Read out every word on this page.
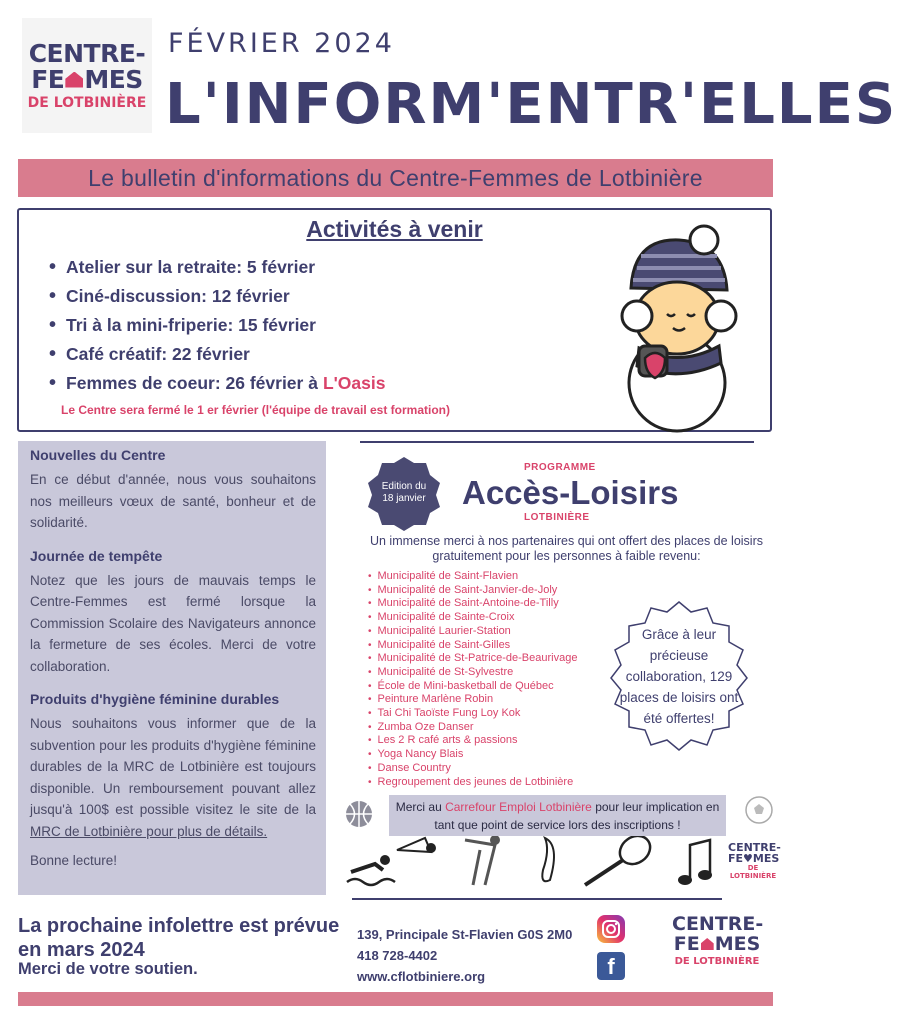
CENTRE-
FE MES
DE LOTBINIÈRE
FÉVRIER 2024
L'INFORM'ENTR'ELLES
Le bulletin d'informations du Centre-Femmes de Lotbinière
Activités à venir
• Atelier sur la retraite: 5 février
• Ciné-discussion: 12 février
• Tri à la mini-friperie: 15 février
• Café créatif: 22 février
• Femmes de coeur: 26 février à L'Oasis
Le Centre sera fermé le 1 er février (l'équipe de travail est formation)
Nouvelles du Centre

En ce début d'année, nous vous souhaitons nos meilleurs vœux de santé, bonheur et de solidarité.

Journée de tempête

Notez que les jours de mauvais temps le Centre-Femmes est fermé lorsque la Commission Scolaire des Navigateurs annonce la fermeture de ses écoles. Merci de votre collaboration.

Produits d'hygiène féminine durables

Nous souhaitons vous informer que de la subvention pour les produits d'hygiène féminine durables de la MRC de Lotbinière est toujours disponible. Un remboursement pouvant allez jusqu'à 100$ est possible visitez le site de la MRC de Lotbinière pour plus de détails.

Bonne lecture!

Edition du
18 janvier
PROGRAMME
Accès-Loisirs
LOTBINIÈRE
Un immense merci à nos partenaires qui ont offert des places de loisirs gratuitement pour les personnes à faible revenu:
• Municipalité de Saint-Flavien
• Municipalité de Saint-Janvier-de-Joly
• Municipalité de Saint-Antoine-de-Tilly
• Municipalité de Sainte-Croix
• Municipalité Laurier-Station
• Municipalité de Saint-Gilles
• Municipalité de St-Patrice-de-Beaurivage
• Municipalité de St-Sylvestre
• École de Mini-basketball de Québec
• Peinture Marlène Robin
• Tai Chi Taoïste Fung Loy Kok
• Zumba Oze Danser
• Les 2 R café arts & passions
• Yoga Nancy Blais
• Danse Country
• Regroupement des jeunes de Lotbinière
Grâce à leur précieuse collaboration, 129 places de loisirs ont été offertes!
Merci au Carrefour Emploi Lotbinière pour leur implication en tant que point de service lors des inscriptions !
CENTRE-
FE♥MES
DE LOTBINIÈRE
La prochaine infolettre est prévue
en mars 2024
Merci de votre soutien.
139, Principale St-Flavien G0S 2M0
418 728-4402
www.cflotbiniere.org	f
CENTRE-
FE MES
DE LOTBINIÈRE
